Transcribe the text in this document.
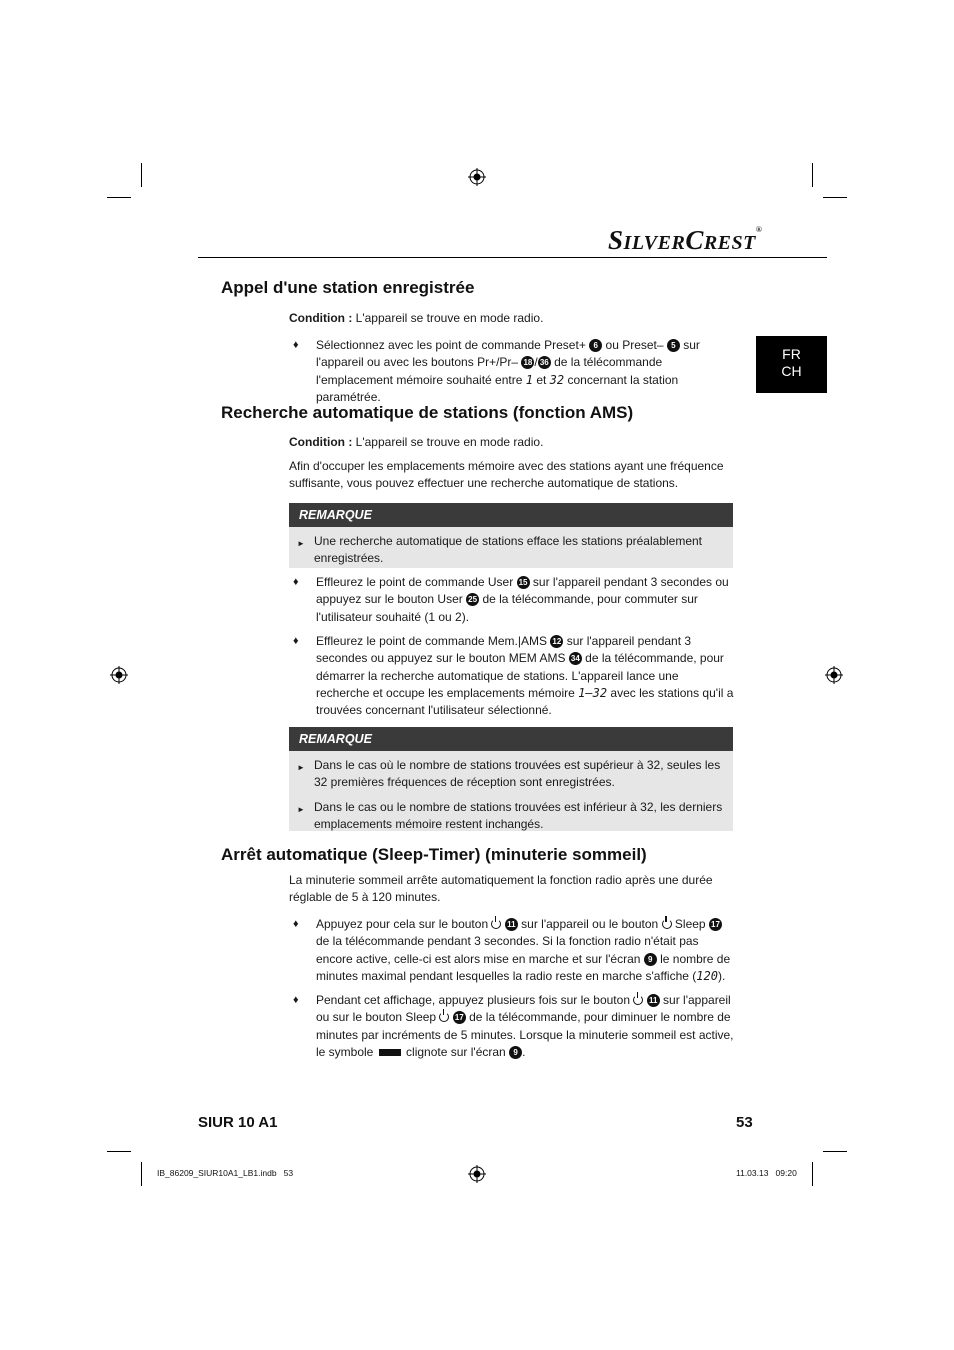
SILVERCREST®
FR
CH
Appel d'une station enregistrée

Condition : L'appareil se trouve en mode radio.

♦ Sélectionnez avec les point de commande Preset+ 6 ou Preset– 5 sur l'appareil ou avec les boutons Pr+/Pr– 18 / 36 de la télécommande l'emplacement mémoire souhaité entre 1 et 32 concernant la station paramétrée.
Recherche automatique de stations (fonction AMS)

Condition : L'appareil se trouve en mode radio.

Afin d'occuper les emplacements mémoire avec des stations ayant une fréquence suffisante, vous pouvez effectuer une recherche automatique de stations.

REMARQUE
► Une recherche automatique de stations efface les stations préalablement enregistrées.
♦ Effleurez le point de commande User 15 sur l'appareil pendant 3 secondes ou appuyez sur le bouton User 25 de la télécommande, pour commuter sur l'utilisateur souhaité (1 ou 2).
♦ Effleurez le point de commande Mem.|AMS 12 sur l'appareil pendant 3 secondes ou appuyez sur le bouton MEM AMS 34 de la télécommande, pour démarrer la recherche automatique de stations. L'appareil lance une recherche et occupe les emplacements mémoire 1–32 avec les stations qu'il a trouvées concernant l'utilisateur sélectionné.
REMARQUE
► Dans le cas où le nombre de stations trouvées est supérieur à 32, seules les 32 premières fréquences de réception sont enregistrées.
► Dans le cas ou le nombre de stations trouvées est inférieur à 32, les derniers emplacements mémoire restent inchangés.
Arrêt automatique (Sleep-Timer) (minuterie sommeil)

La minuterie sommeil arrête automatiquement la fonction radio après une durée réglable de 5 à 120 minutes.

♦ Appuyez pour cela sur le bouton 11 sur l'appareil ou le bouton Sleep 17 de la télécommande pendant 3 secondes. Si la fonction radio n'était pas encore active, celle-ci est alors mise en marche et sur l'écran 9 le nombre de minutes maximal pendant lesquelles la radio reste en marche s'affiche (120).
♦ Pendant cet affichage, appuyez plusieurs fois sur le bouton 11 sur l'appareil ou sur le bouton Sleep 17 de la télécommande, pour diminuer le nombre de minutes par incréments de 5 minutes. Lorsque la minuterie sommeil est active, le symbole	clignote sur l'écran 9 .
SIUR 10 A1	53
IB_86209_SIUR10A1_LB1.indb   53	11.03.13   09:20
